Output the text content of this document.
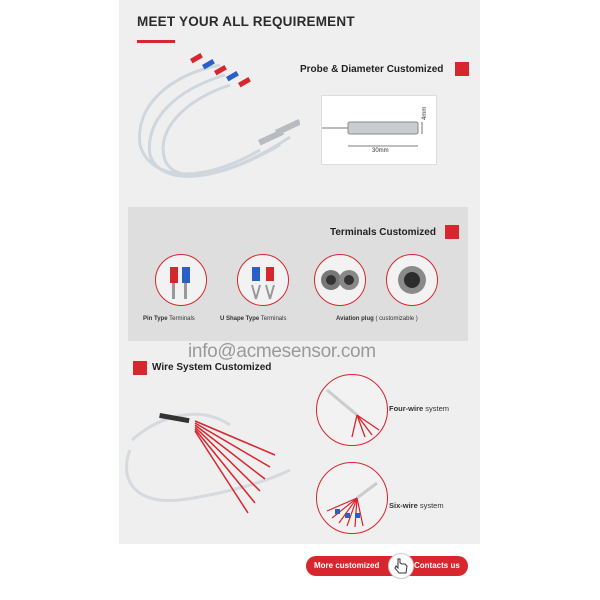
MEET YOUR ALL REQUIREMENT
Probe & Diameter Customized
30mm
4mm
Terminals Customized
Pin Type Terminals	U Shape Type Terminals	Aviation plug ( customizable )
info@acmesensor.com
Wire System Customized
Four-wire system
Six-wire system
More customized	Contacts us
